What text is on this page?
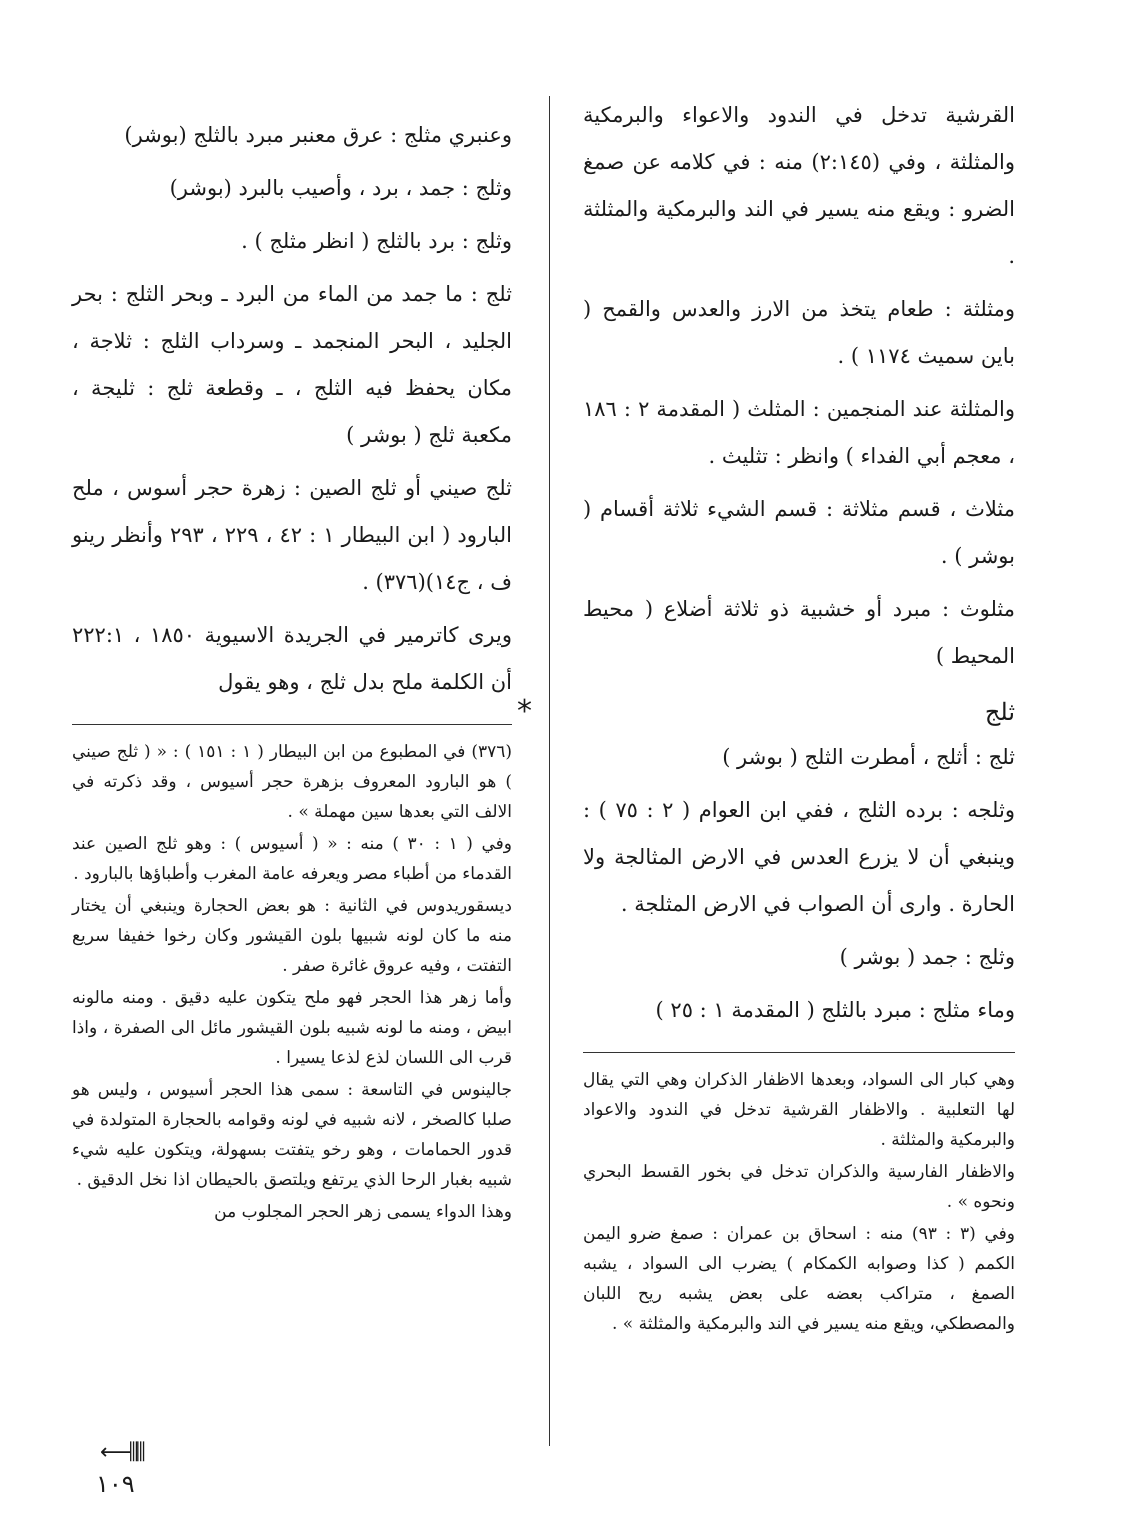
القرشية تدخل في الندود والاعواء والبرمكية والمثلثة ، وفي (٢:١٤٥) منه : في كلامه عن صمغ الضرو : ويقع منه يسير في الند والبرمكية والمثلثة .

ومثلثة : طعام يتخذ من الارز والعدس والقمح ( باين سميث ١١٧٤ ) .

والمثلثة عند المنجمين : المثلث ( المقدمة ٢ : ١٨٦ ، معجم أبي الفداء ) وانظر : تثليث .

مثلاث ، قسم مثلاثة : قسم الشيء ثلاثة أقسام ( بوشر ) .

مثلوث : مبرد أو خشبية ذو ثلاثة أضلاع ( محيط المحيط )

ثلج
*

ثلج : أثلج ، أمطرت الثلج ( بوشر )

وثلجه : برده الثلج ، ففي ابن العوام ( ٢ : ٧٥ ) : وينبغي أن لا يزرع العدس في الارض المثالجة ولا الحارة . وارى أن الصواب في الارض المثلجة .

وثلج : جمد ( بوشر )

وماء مثلج : مبرد بالثلج ( المقدمة ١ : ٢٥ )

وهي كبار الى السواد، وبعدها الاظفار الذكران وهي التي يقال لها التعلبية . والاظفار القرشية تدخل في الندود والاعواد والبرمكية والمثلثة .

والاظفار الفارسية والذكران تدخل في بخور القسط البحري ونحوه » .

وفي (٣ : ٩٣) منه : اسحاق بن عمران : صمغ ضرو اليمن الكمم ( كذا وصوابه الكمكام ) يضرب الى السواد ، يشبه الصمغ ، متراكب بعضه على بعض يشبه ريح اللبان والمصطكي، ويقع منه يسير في الند والبرمكية والمثلثة » .

وعنبري مثلج : عرق معنبر مبرد بالثلج (بوشر)

وثلج : جمد ، برد ، وأصيب بالبرد (بوشر)

وثلج : برد بالثلج ( انظر مثلج ) .

ثلج : ما جمد من الماء من البرد ـ وبحر الثلج : بحر الجليد ، البحر المنجمد ـ وسرداب الثلج : ثلاجة ، مكان يحفظ فيه الثلج ، ـ وقطعة ثلج : ثليجة ، مكعبة ثلج ( بوشر )

ثلج صيني أو ثلج الصين : زهرة حجر أسوس ، ملح البارود ( ابن البيطار ١ : ٤٢ ، ٢٢٩ ، ٢٩٣ وأنظر رينو ف ، ج١٤)(٣٧٦) .

ويرى كاترمير في الجريدة الاسيوية ١٨٥٠ ، ٢٢٢:١ أن الكلمة ملح بدل ثلج ، وهو يقول

(٣٧٦) في المطبوع من ابن البيطار ( ١ : ١٥١ ) : « ( ثلج صيني ) هو البارود المعروف بزهرة حجر أسيوس ، وقد ذكرته في الالف التي بعدها سين مهملة » .

وفي ( ١ : ٣٠ ) منه : « ( أسيوس ) : وهو ثلج الصين عند القدماء من أطباء مصر ويعرفه عامة المغرب وأطباؤها بالبارود .

ديسقوريدوس في الثانية : هو بعض الحجارة وينبغي أن يختار منه ما كان لونه شبيها بلون القيشور وكان رخوا خفيفا سريع التفتت ، وفيه عروق غائرة صفر .

وأما زهر هذا الحجر فهو ملح يتكون عليه دقيق . ومنه مالونه ابيض ، ومنه ما لونه شبيه بلون القيشور مائل الى الصفرة ، واذا قرب الى اللسان لذع لذعا يسيرا .

جالينوس في التاسعة : سمى هذا الحجر أسيوس ، وليس هو صلبا كالصخر ، لانه شبيه في لونه وقوامه بالحجارة المتولدة في قدور الحمامات ، وهو رخو يتفتت بسهولة، ويتكون عليه شيء شبيه بغبار الرحا الذي يرتفع ويلتصق بالحيطان اذا نخل الدقيق .

وهذا الدواء يسمى زهر الحجر المجلوب من

⟵⫼⫼
١٠٩
